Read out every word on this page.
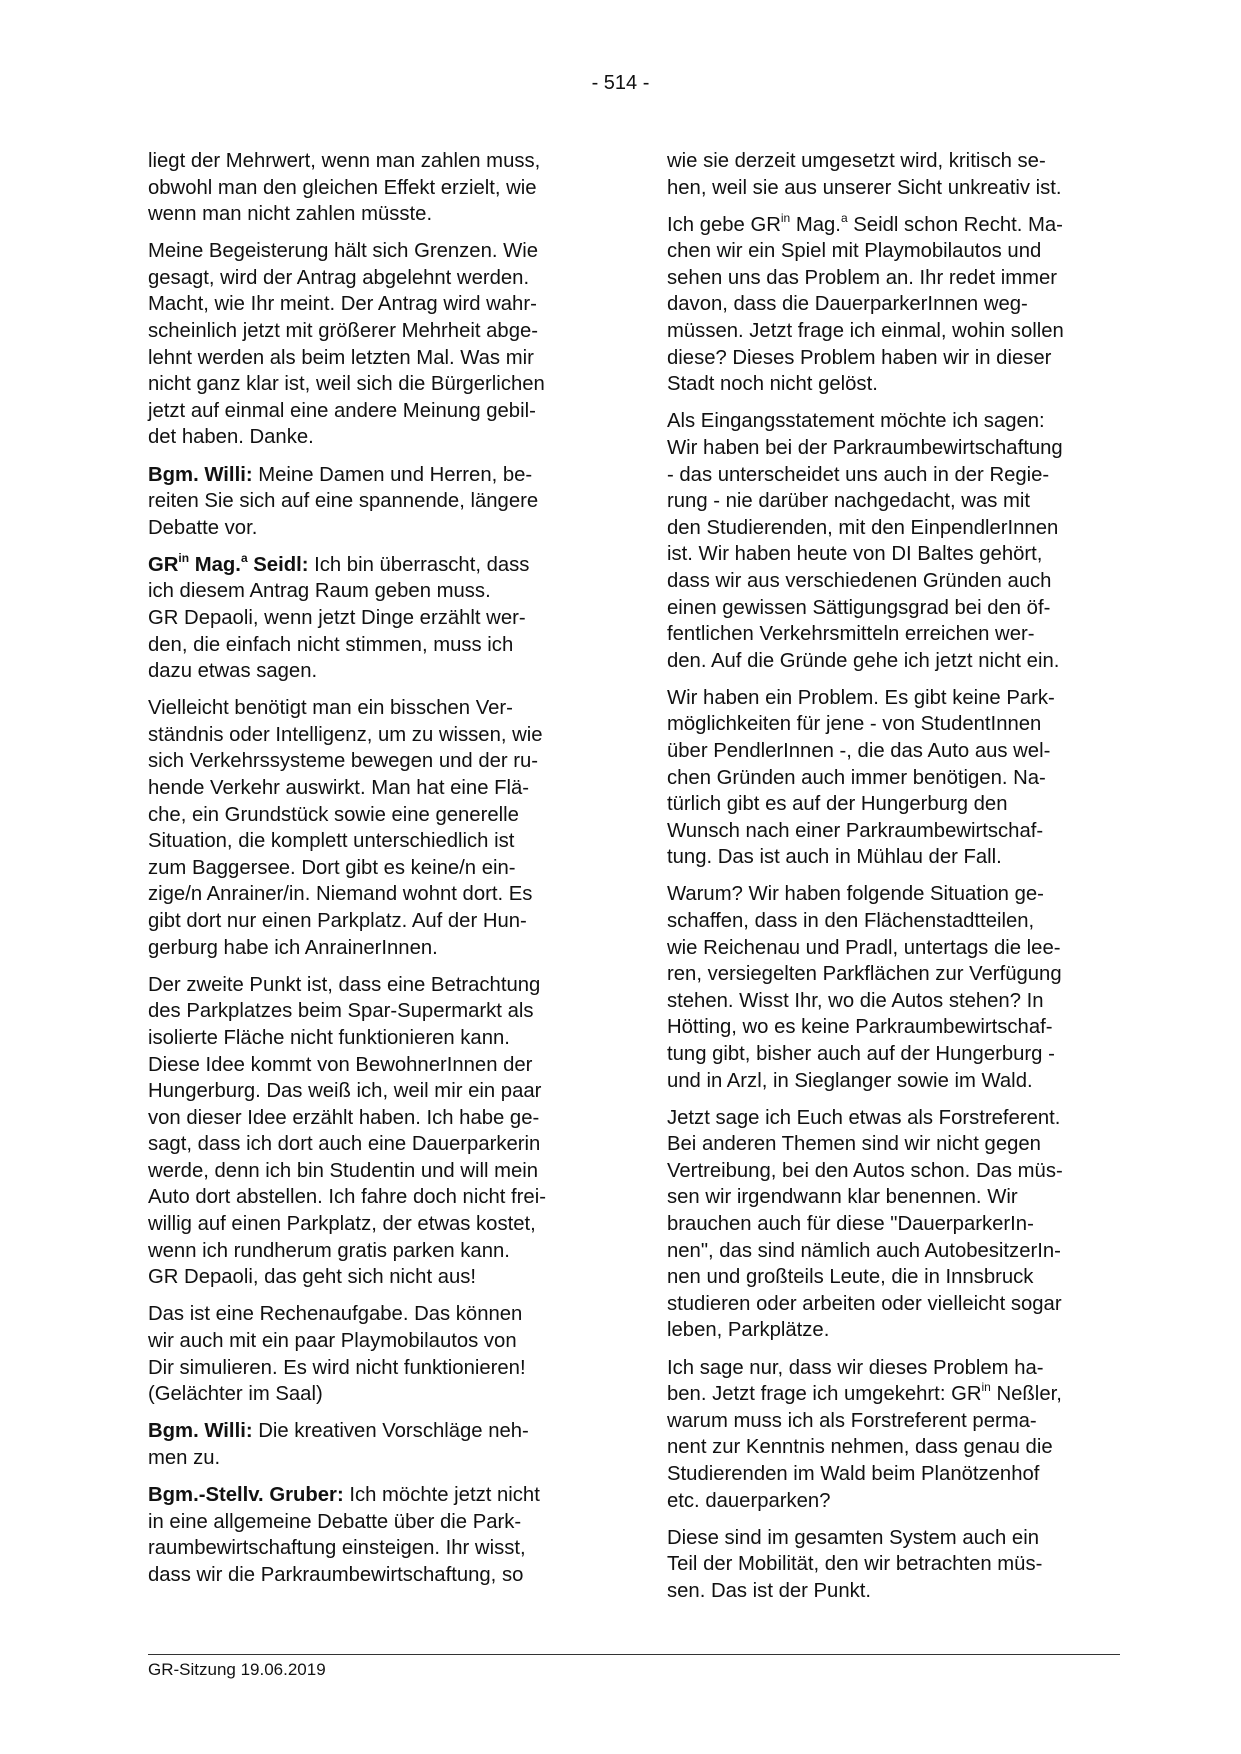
- 514 -

liegt der Mehrwert, wenn man zahlen muss,
obwohl man den gleichen Effekt erzielt, wie
wenn man nicht zahlen müsste.

Meine Begeisterung hält sich Grenzen. Wie
gesagt, wird der Antrag abgelehnt werden.
Macht, wie Ihr meint. Der Antrag wird wahr-
scheinlich jetzt mit größerer Mehrheit abge-
lehnt werden als beim letzten Mal. Was mir
nicht ganz klar ist, weil sich die Bürgerlichen
jetzt auf einmal eine andere Meinung gebil-
det haben. Danke.

Bgm. Willi: Meine Damen und Herren, be-
reiten Sie sich auf eine spannende, längere
Debatte vor.

$GR^{in}$ Mag.$^a$ Seidl: Ich bin überrascht, dass
ich diesem Antrag Raum geben muss.
GR Depaoli, wenn jetzt Dinge erzählt wer-
den, die einfach nicht stimmen, muss ich
dazu etwas sagen.

Vielleicht benötigt man ein bisschen Ver-
ständnis oder Intelligenz, um zu wissen, wie
sich Verkehrssysteme bewegen und der ru-
hende Verkehr auswirkt. Man hat eine Flä-
che, ein Grundstück sowie eine generelle
Situation, die komplett unterschiedlich ist
zum Baggersee. Dort gibt es keine/n ein-
zige/n Anrainer/in. Niemand wohnt dort. Es
gibt dort nur einen Parkplatz. Auf der Hun-
gerburg habe ich AnrainerInnen.

Der zweite Punkt ist, dass eine Betrachtung
des Parkplatzes beim Spar-Supermarkt als
isolierte Fläche nicht funktionieren kann.
Diese Idee kommt von BewohnerInnen der
Hungerburg. Das weiß ich, weil mir ein paar
von dieser Idee erzählt haben. Ich habe ge-
sagt, dass ich dort auch eine Dauerparkerin
werde, denn ich bin Studentin und will mein
Auto dort abstellen. Ich fahre doch nicht frei-
willig auf einen Parkplatz, der etwas kostet,
wenn ich rundherum gratis parken kann.
GR Depaoli, das geht sich nicht aus!

Das ist eine Rechenaufgabe. Das können
wir auch mit ein paar Playmobilautos von
Dir simulieren. Es wird nicht funktionieren!
(Gelächter im Saal)

Bgm. Willi: Die kreativen Vorschläge neh-
men zu.

Bgm.-Stellv. Gruber: Ich möchte jetzt nicht
in eine allgemeine Debatte über die Park-
raumbewirtschaftung einsteigen. Ihr wisst,
dass wir die Parkraumbewirtschaftung, so

wie sie derzeit umgesetzt wird, kritisch se-
hen, weil sie aus unserer Sicht unkreativ ist.

Ich gebe $GR^{in}$ Mag.$^a$ Seidl schon Recht. Ma-
chen wir ein Spiel mit Playmobilautos und
sehen uns das Problem an. Ihr redet immer
davon, dass die DauerparkerInnen weg-
müssen. Jetzt frage ich einmal, wohin sollen
diese? Dieses Problem haben wir in dieser
Stadt noch nicht gelöst.

Als Eingangsstatement möchte ich sagen:
Wir haben bei der Parkraumbewirtschaftung
- das unterscheidet uns auch in der Regie-
rung - nie darüber nachgedacht, was mit
den Studierenden, mit den EinpendlerInnen
ist. Wir haben heute von DI Baltes gehört,
dass wir aus verschiedenen Gründen auch
einen gewissen Sättigungsgrad bei den öf-
fentlichen Verkehrsmitteln erreichen wer-
den. Auf die Gründe gehe ich jetzt nicht ein.

Wir haben ein Problem. Es gibt keine Park-
möglichkeiten für jene - von StudentInnen
über PendlerInnen -, die das Auto aus wel-
chen Gründen auch immer benötigen. Na-
türlich gibt es auf der Hungerburg den
Wunsch nach einer Parkraumbewirtschaf-
tung. Das ist auch in Mühlau der Fall.

Warum? Wir haben folgende Situation ge-
schaffen, dass in den Flächenstadtteilen,
wie Reichenau und Pradl, untertags die lee-
ren, versiegelten Parkflächen zur Verfügung
stehen. Wisst Ihr, wo die Autos stehen? In
Hötting, wo es keine Parkraumbewirtschaf-
tung gibt, bisher auch auf der Hungerburg -
und in Arzl, in Sieglanger sowie im Wald.

Jetzt sage ich Euch etwas als Forstreferent.
Bei anderen Themen sind wir nicht gegen
Vertreibung, bei den Autos schon. Das müs-
sen wir irgendwann klar benennen. Wir
brauchen auch für diese "DauerparkerIn-
nen", das sind nämlich auch AutobesitzerIn-
nen und großteils Leute, die in Innsbruck
studieren oder arbeiten oder vielleicht sogar
leben, Parkplätze.

Ich sage nur, dass wir dieses Problem ha-
ben. Jetzt frage ich umgekehrt: $GR^{in}$ Neßler,
warum muss ich als Forstreferent perma-
nent zur Kenntnis nehmen, dass genau die
Studierenden im Wald beim Planötzenhof
etc. dauerparken?

Diese sind im gesamten System auch ein
Teil der Mobilität, den wir betrachten müs-
sen. Das ist der Punkt.

GR-Sitzung 19.06.2019
